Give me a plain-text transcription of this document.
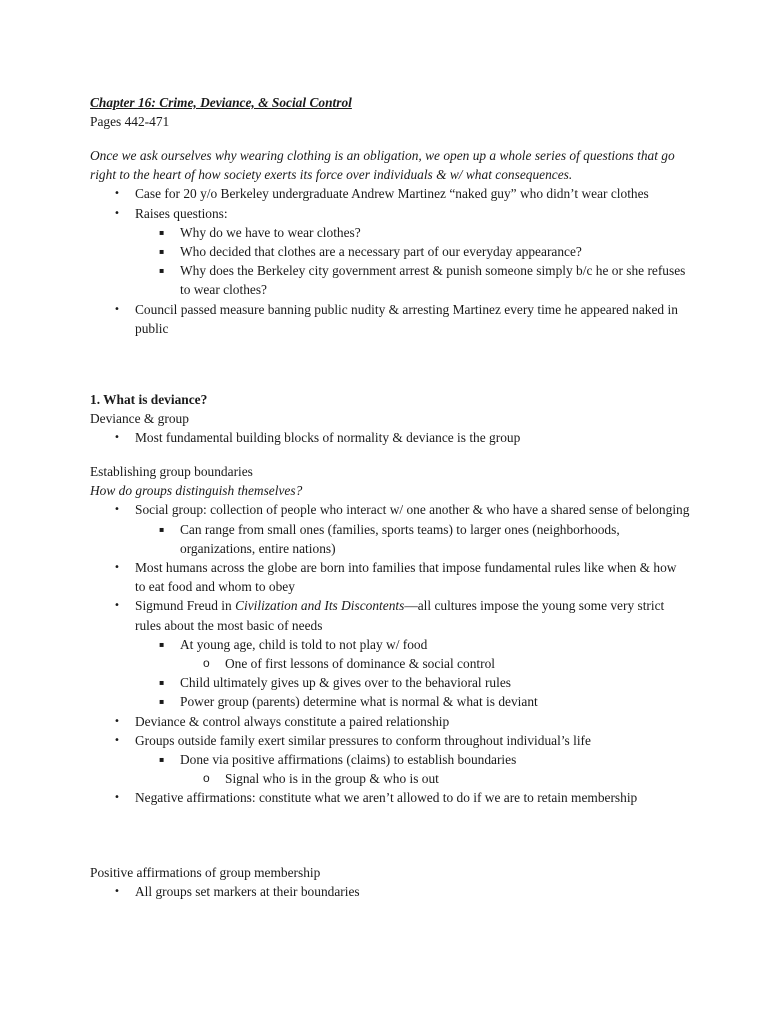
Chapter 16: Crime, Deviance, & Social Control
Pages 442-471
Once we ask ourselves why wearing clothing is an obligation, we open up a whole series of questions that go right to the heart of how society exerts its force over individuals & w/ what consequences.
• Case for 20 y/o Berkeley undergraduate Andrew Martinez “naked guy” who didn’t wear clothes
• Raises questions:
▪ Why do we have to wear clothes?
▪ Who decided that clothes are a necessary part of our everyday appearance?
▪ Why does the Berkeley city government arrest & punish someone simply b/c he or she refuses to wear clothes?
• Council passed measure banning public nudity & arresting Martinez every time he appeared naked in public
1. What is deviance?
Deviance & group
• Most fundamental building blocks of normality & deviance is the group
Establishing group boundaries
How do groups distinguish themselves?
• Social group: collection of people who interact w/ one another & who have a shared sense of belonging
▪ Can range from small ones (families, sports teams) to larger ones (neighborhoods, organizations, entire nations)
• Most humans across the globe are born into families that impose fundamental rules like when & how to eat food and whom to obey
• Sigmund Freud in Civilization and Its Discontents—all cultures impose the young some very strict rules about the most basic of needs
▪ At young age, child is told to not play w/ food
o One of first lessons of dominance & social control
▪ Child ultimately gives up & gives over to the behavioral rules
▪ Power group (parents) determine what is normal & what is deviant
• Deviance & control always constitute a paired relationship
• Groups outside family exert similar pressures to conform throughout individual’s life
▪ Done via positive affirmations (claims) to establish boundaries
o Signal who is in the group & who is out
• Negative affirmations: constitute what we aren’t allowed to do if we are to retain membership
Positive affirmations of group membership
• All groups set markers at their boundaries
